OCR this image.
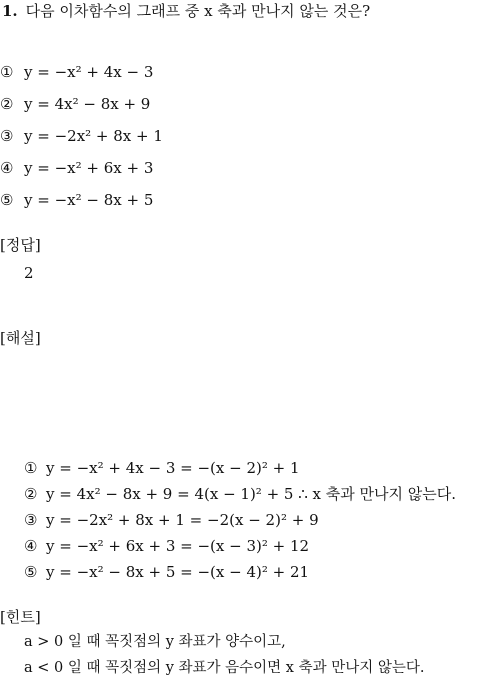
1. 다음 이차함수의 그래프 중 x 축과 만나지 않는 것은?
① y = −x² + 4x − 3
② y = 4x² − 8x + 9
③ y = −2x² + 8x + 1
④ y = −x² + 6x + 3
⑤ y = −x² − 8x + 5
[정답]
2
[해설]
① y = −x² + 4x − 3 = −(x − 2)² + 1
② y = 4x² − 8x + 9 = 4(x − 1)² + 5 ∴ x 축과 만나지 않는다.
③ y = −2x² + 8x + 1 = −2(x − 2)² + 9
④ y = −x² + 6x + 3 = −(x − 3)² + 12
⑤ y = −x² − 8x + 5 = −(x − 4)² + 21
[힌트]
a > 0 일 때 꼭짓점의 y 좌표가 양수이고,
a < 0 일 때 꼭짓점의 y 좌표가 음수이면 x 축과 만나지 않는다.
